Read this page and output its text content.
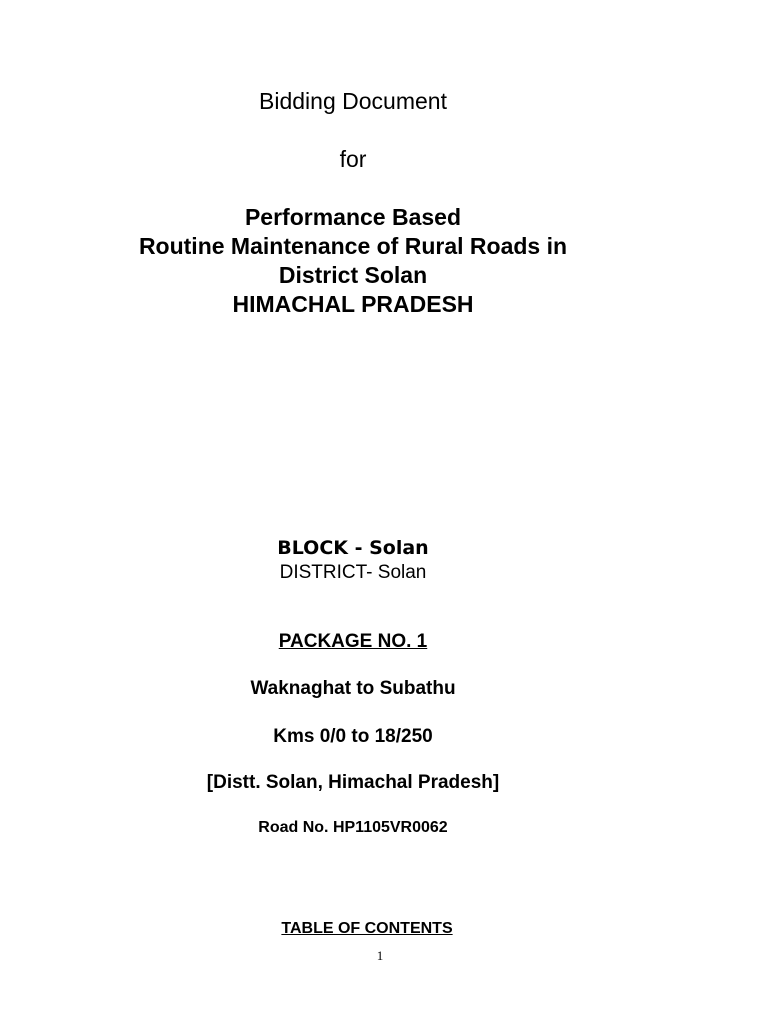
Bidding Document
for
Performance Based
Routine Maintenance of Rural Roads in
District Solan
HIMACHAL PRADESH
BLOCK - Solan
DISTRICT- Solan
PACKAGE NO. 1
Waknaghat to Subathu
Kms 0/0 to 18/250
[Distt. Solan, Himachal Pradesh]
Road No. HP1105VR0062
TABLE OF CONTENTS
1
